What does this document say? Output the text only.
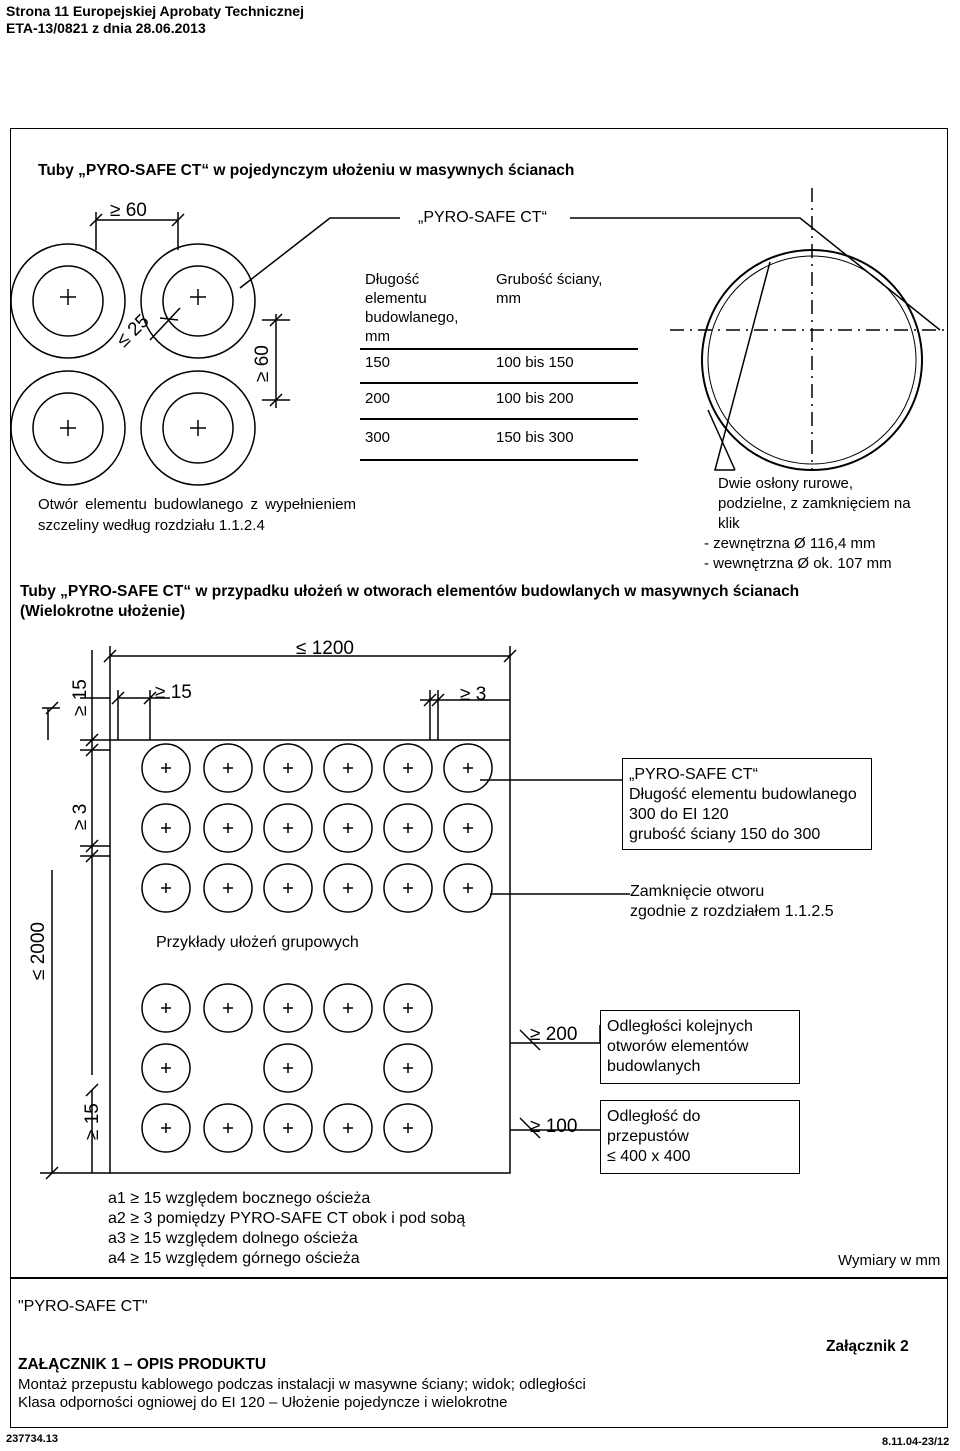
Strona 11 Europejskiej Aprobaty Technicznej
ETA-13/0821 z dnia 28.06.2013
Tuby „PYRO-SAFE CT“ w pojedynczym ułożeniu w masywnych ścianach
≥ 60
≤ 25
≥ 60
„PYRO-SAFE CT“
Długość elementu budowlanego, mm
Grubość ściany, mm
150	100 bis 150
200	100 bis 200
300	150 bis 300
Otwór elementu budowlanego z wypełnieniem szczeliny według rozdziału 1.1.2.4
Dwie osłony rurowe,
podzielne, z zamknięciem na
klik
- zewnętrzna Ø 116,4 mm
- wewnętrzna Ø ok. 107 mm
Tuby „PYRO-SAFE CT“ w przypadku ułożeń w otworach elementów budowlanych w masywnych ścianach
(Wielokrotne ułożenie)
≤ 1200
≥ 15	≥ 3
≥ 15
≥ 3
≤ 2000
≥ 15
≥ 200
≥ 100
Przykłady ułożeń grupowych
„PYRO-SAFE CT“
Długość elementu budowlanego
300 do EI 120
grubość ściany 150 do 300
Zamknięcie otworu
zgodnie z rozdziałem 1.1.2.5
Odległości kolejnych
otworów elementów
budowlanych
Odległość do
przepustów
≤ 400 x 400
a1 ≥ 15 względem bocznego ościeża
a2 ≥ 3 pomiędzy PYRO-SAFE CT obok i pod sobą
a3 ≥ 15 względem dolnego ościeża
a4 ≥ 15 względem górnego ościeża	Wymiary w mm
"PYRO-SAFE CT"
ZAŁĄCZNIK 1 – OPIS PRODUKTU
Montaż przepustu kablowego podczas instalacji w masywne ściany; widok; odległości
Klasa odporności ogniowej do EI 120 – Ułożenie pojedyncze i wielokrotne
Załącznik 2
237734.13	8.11.04-23/12
